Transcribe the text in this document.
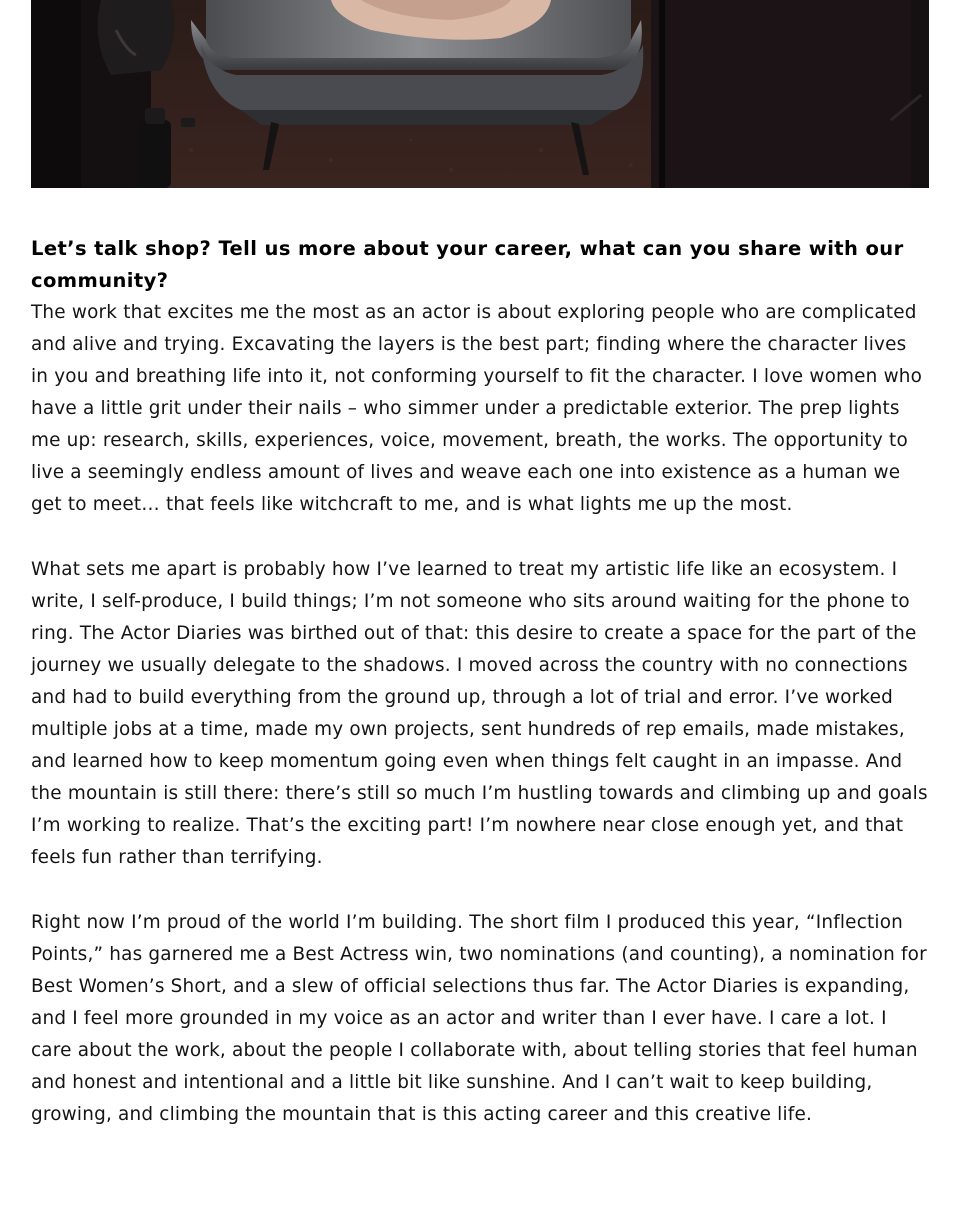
Let’s talk shop? Tell us more about your career, what can you share with our community?

The work that excites me the most as an actor is about exploring people who are complicated and alive and trying. Excavating the layers is the best part; finding where the character lives in you and breathing life into it, not conforming yourself to fit the character. I love women who have a little grit under their nails – who simmer under a predictable exterior. The prep lights me up: research, skills, experiences, voice, movement, breath, the works. The opportunity to live a seemingly endless amount of lives and weave each one into existence as a human we get to meet… that feels like witchcraft to me, and is what lights me up the most.

What sets me apart is probably how I’ve learned to treat my artistic life like an ecosystem. I write, I self-produce, I build things; I’m not someone who sits around waiting for the phone to ring. The Actor Diaries was birthed out of that: this desire to create a space for the part of the journey we usually delegate to the shadows. I moved across the country with no connections and had to build everything from the ground up, through a lot of trial and error. I’ve worked multiple jobs at a time, made my own projects, sent hundreds of rep emails, made mistakes, and learned how to keep momentum going even when things felt caught in an impasse. And the mountain is still there: there’s still so much I’m hustling towards and climbing up and goals I’m working to realize. That’s the exciting part! I’m nowhere near close enough yet, and that feels fun rather than terrifying.

Right now I’m proud of the world I’m building. The short film I produced this year, “Inflection Points,” has garnered me a Best Actress win, two nominations (and counting), a nomination for Best Women’s Short, and a slew of official selections thus far. The Actor Diaries is expanding, and I feel more grounded in my voice as an actor and writer than I ever have. I care a lot. I care about the work, about the people I collaborate with, about telling stories that feel human and honest and intentional and a little bit like sunshine. And I can’t wait to keep building, growing, and climbing the mountain that is this acting career and this creative life.
